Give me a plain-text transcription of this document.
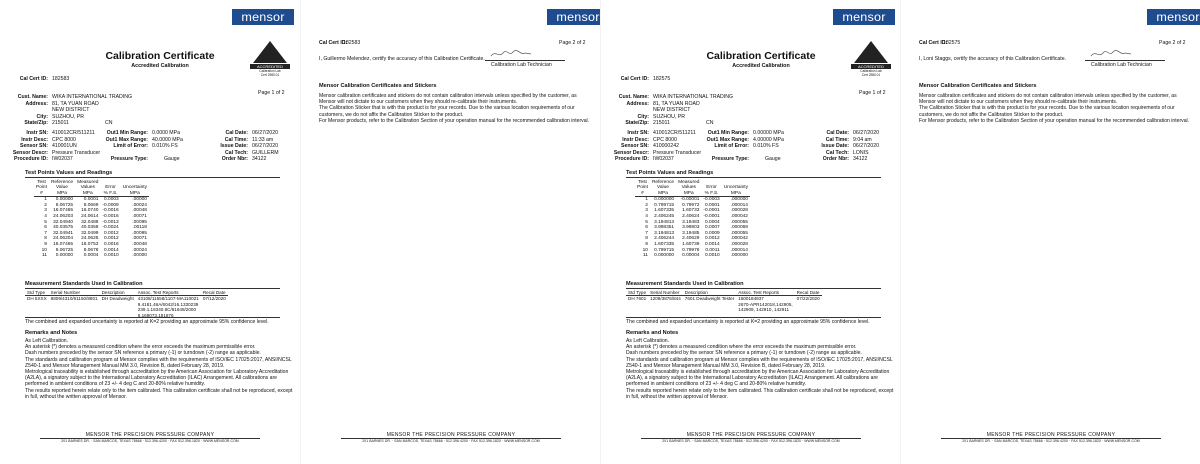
mensor
Calibration Certificate
Accredited Calibration	ACCREDITED
Calibration Lab
Cert 2980.01
Cal Cert ID: 182583
Page 1 of 2
Cust. Name: WIKA INTERNATIONAL TRADING
Address: 81, TA YUAN ROAD
NEW DISTRICT
City: SUZHOU, PR
State/Zip: 215011	CN
Instr SN: 410012CR/511211
Instr Desc: CPC 8000
Sensor SN: 410001UN
Sensor Descr: Pressure Transducer
Procedure ID: IW02037
Out1 Min Range: 0.0000 MPa
Out1 Max Range: 40.0000 MPa
Limit of Error: 0.010% FS
Pressure Type:	Gauge
Cal Date: 06/27/2020
Cal Time: 11:33 am
Issue Date: 06/27/2020
Cal Tech: GUILLERM
Order Nbr: 34122
Test Points Values and Readings
Test	Reference	Measured		
Point	Value	Values	Error	Uncertainty
#	MPa	MPa	% F.S.	MPa
1	0.00000	0.0001	0.0003	.00000
2	8.06725	8.0669	-0.0009	.00024
3	16.07465	16.0740	-0.0016	.00048
4	24.06203	24.0614	-0.0016	.00071
5	32.04940	32.0488	-0.0013	.00095
6	40.03575	40.0358	-0.0024	.00118
7	32.04941	32.0499	0.0012	.00095
8	24.06204	24.0625	0.0012	.00071
9	16.07465	16.0753	0.0016	.00048
10	8.06725	8.0678	0.0014	.00024
11	0.00000	0.0004	0.0010	.00000
Measurement Standards Used in Calibration
Std Type	Serial Number	Description	Assoc. Test Reports	Recal Date
DH 5XXX	8809/4310/61150/8801	DH Deadweight	43108/11558/1107-MA110021
9.4181.46A/6042/16.1330239
239.1.16340.8C/61648/2000
6.169073.181876	07/12/2020
The combined and expanded uncertainty is reported at K=2 providing an approximate 95% confidence level.
Remarks and Notes
As Left Calibration.
An asterisk (*) denotes a measured condition where the error exceeds the maximum permissible error.
Dash numbers preceded by the sensor SN reference a primary (-1) or turndown (-2) range as applicable.
The standards and calibration program at Mensor complies with the requirements of ISO/IEC 17025:2017, ANSI/NCSL Z540-1 and Mensor Management Manual MM 3.0, Revision B, dated February 28, 2019.
Metrological traceability is established through accreditation by the American Association for Laboratory Accreditation (A2LA), a signatory subject to the International Laboratory Accreditation (ILAC) Arrangement. All calibrations are performed in ambient conditions of 23 +/- 4 deg C and 20-80% relative humidity.
The results reported herein relate only to the item calibrated. This calibration certificate shall not be reproduced, except in full, without the written approval of Mensor.
MENSOR THE PRECISION PRESSURE COMPANY
201 BARNES DR. · SAN MARCOS, TEXAS 78666 · 512.396.4200 · FAX 512.396.1820 · WWW.MENSOR.COM
mensor
Cal Cert ID:
182583	Page 2 of 2
I, Guillermo Melendez, certify the accuracy of this Calibration Certificate.
Calibration Lab Technician
Mensor Calibration Certificates and Stickers
Mensor calibration certificates and stickers do not contain calibration intervals unless specified by the customer, as Mensor will not dictate to our customers when they should re-calibrate their instruments.
The Calibration Sticker that is with this product is for your records. Due to the various location requirements of our customers, we do not affix the Calibration Sticker to the product.
For Mensor products, refer to the Calibration Section of your operation manual for the recommended calibration interval.
MENSOR THE PRECISION PRESSURE COMPANY
201 BARNES DR. · SAN MARCOS, TEXAS 78666 · 512.396.4200 · FAX 512.396.1820 · WWW.MENSOR.COM
mensor
Calibration Certificate
Accredited Calibration	ACCREDITED
Calibration Lab
Cert 2980.01
Cal Cert ID: 182575
Page 1 of 2
Cust. Name: WIKA INTERNATIONAL TRADING
Address: 81, TA YUAN ROAD
NEW DISTRICT
City: SUZHOU, PR
State/Zip: 215011	CN
Instr SN: 410012CR/511211
Instr Desc: CPC 8000
Sensor SN: 410000242
Sensor Descr: Pressure Transducer
Procedure ID: IW02037
Out1 Min Range: 0.00000 MPa
Out1 Max Range: 4.00000 MPa
Limit of Error: 0.010% FS
Pressure Type:	Gauge
Cal Date: 06/27/2020
Cal Time: 9:04 am
Issue Date: 06/27/2020
Cal Tech: LONIS
Order Nbr: 34122
Test Points Values and Readings
Test	Reference	Measured		
Point	Value	Values	Error	Uncertainty
#	MPa	MPa	% F.S.	MPa
1	0.000000	-0.00001	-0.0003	.000000
2	0.799715	0.79972	0.0001	.000014
3	1.607335	1.60733	-0.0001	.000028
4	2.406245	2.40624	-0.0001	.000042
5	3.194813	3.19483	0.0004	.000055
6	3.998351	3.99803	0.0007	.000069
7	3.194813	3.19485	0.0009	.000055
8	2.406244	2.40629	0.0012	.000042
9	1.607335	1.60739	0.0014	.000028
10	0.799715	0.79976	0.0011	.000014
11	0.000000	0.00004	0.0010	.000000
Measurement Standards Used in Calibration
Std Type	Serial Number	Description	Assoc. Test Reports	Recal Date
DH 7601	1209/3876/844	7601 Deadweight Tester	1500184937
2670-APR142018,142905,
142909, 142910, 142911	07/22/2020
The combined and expanded uncertainty is reported at K=2 providing an approximate 95% confidence level.
Remarks and Notes
As Left Calibration.
An asterisk (*) denotes a measured condition where the error exceeds the maximum permissible error.
Dash numbers preceded by the sensor SN reference a primary (-1) or turndown (-2) range as applicable.
The standards and calibration program at Mensor complies with the requirements of ISO/IEC 17025:2017, ANSI/NCSL Z540-1 and Mensor Management Manual MM 3.0, Revision B, dated February 28, 2019.
Metrological traceability is established through accreditation by the American Association for Laboratory Accreditation (A2LA), a signatory subject to the International Laboratory Accreditation (ILAC) Arrangement. All calibrations are performed in ambient conditions of 23 +/- 4 deg C and 20-80% relative humidity.
The results reported herein relate only to the item calibrated. This calibration certificate shall not be reproduced, except in full, without the written approval of Mensor.
MENSOR THE PRECISION PRESSURE COMPANY
201 BARNES DR. · SAN MARCOS, TEXAS 78666 · 512.396.4200 · FAX 512.396.1820 · WWW.MENSOR.COM
mensor
Cal Cert ID:
182575	Page 2 of 2
I, Loni Staggs, certify the accuracy of this Calibration Certificate.
Calibration Lab Technician
Mensor Calibration Certificates and Stickers
Mensor calibration certificates and stickers do not contain calibration intervals unless specified by the customer, as Mensor will not dictate to our customers when they should re-calibrate their instruments.
The Calibration Sticker that is with this product is for your records. Due to the various location requirements of our customers, we do not affix the Calibration Sticker to the product.
For Mensor products, refer to the Calibration Section of your operation manual for the recommended calibration interval.
MENSOR THE PRECISION PRESSURE COMPANY
201 BARNES DR. · SAN MARCOS, TEXAS 78666 · 512.396.4200 · FAX 512.396.1820 · WWW.MENSOR.COM
